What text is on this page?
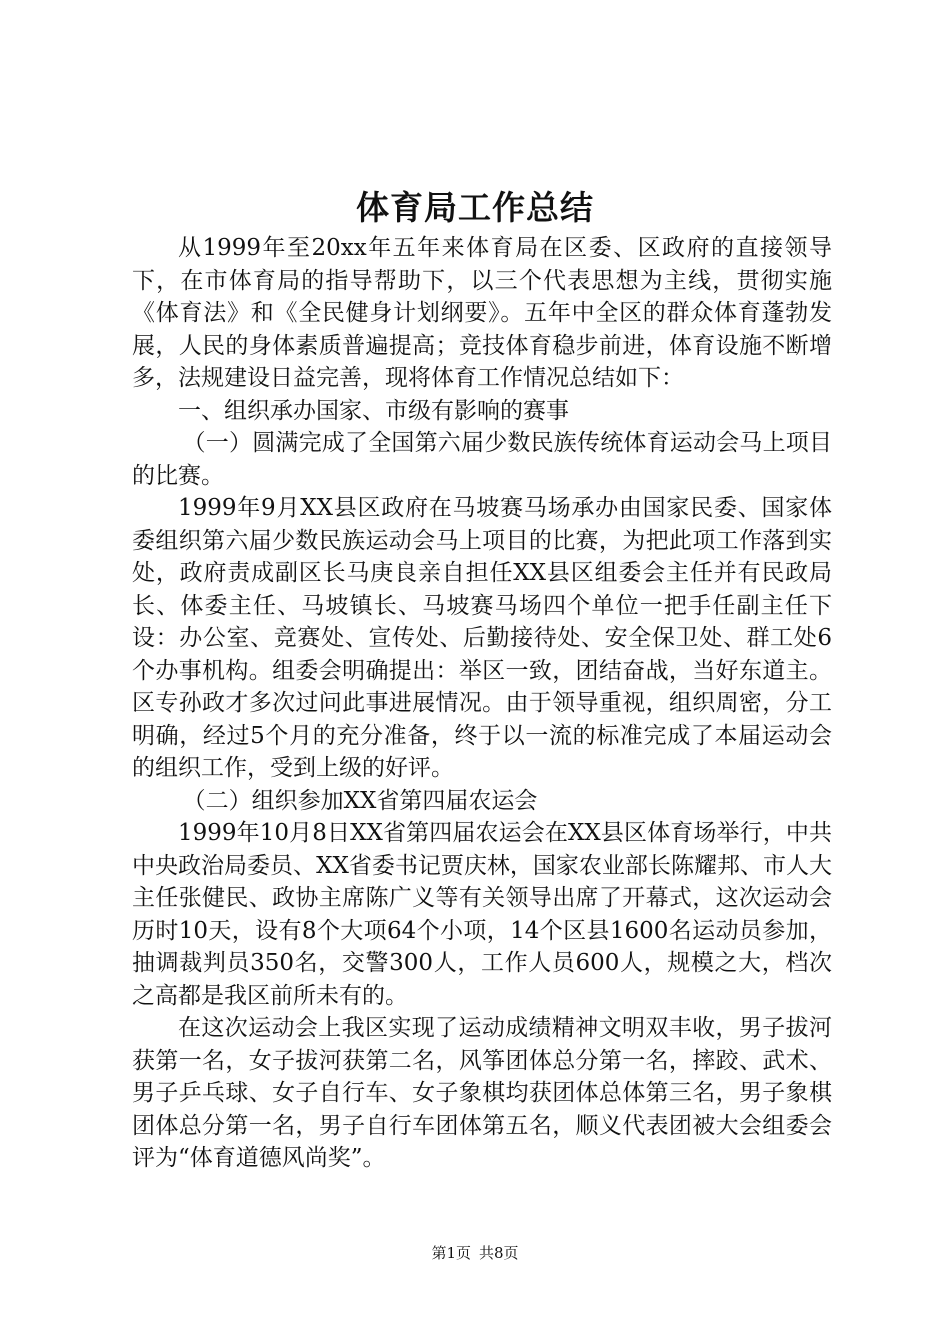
体育局工作总结

从1999年至20xx年五年来体育局在区委、区政府的直接领导下，在市体育局的指导帮助下，以三个代表思想为主线，贯彻实施《体育法》和《全民健身计划纲要》。五年中全区的群众体育蓬勃发展，人民的身体素质普遍提高；竞技体育稳步前进，体育设施不断增多，法规建设日益完善，现将体育工作情况总结如下：

一、组织承办国家、市级有影响的赛事

（一）圆满完成了全国第六届少数民族传统体育运动会马上项目的比赛。

1999年9月XX县区政府在马坡赛马场承办由国家民委、国家体委组织第六届少数民族运动会马上项目的比赛，为把此项工作落到实处，政府责成副区长马庚良亲自担任XX县区组委会主任并有民政局长、体委主任、马坡镇长、马坡赛马场四个单位一把手任副主任下设：办公室、竞赛处、宣传处、后勤接待处、安全保卫处、群工处6个办事机构。组委会明确提出：举区一致，团结奋战，当好东道主。区专孙政才多次过问此事进展情况。由于领导重视，组织周密，分工明确，经过5个月的充分准备，终于以一流的标准完成了本届运动会的组织工作，受到上级的好评。

（二）组织参加XX省第四届农运会

1999年10月8日XX省第四届农运会在XX县区体育场举行，中共中央政治局委员、XX省委书记贾庆林，国家农业部长陈耀邦、市人大主任张健民、政协主席陈广义等有关领导出席了开幕式，这次运动会历时10天，设有8个大项64个小项，14个区县1600名运动员参加，抽调裁判员350名，交警300人，工作人员600人，规模之大，档次之高都是我区前所未有的。

在这次运动会上我区实现了运动成绩精神文明双丰收，男子拔河获第一名，女子拔河获第二名，风筝团体总分第一名，摔跤、武术、男子乒乓球、女子自行车、女子象棋均获团体总体第三名，男子象棋团体总分第一名，男子自行车团体第五名，顺义代表团被大会组委会评为“体育道德风尚奖”。

第1页 共8页
